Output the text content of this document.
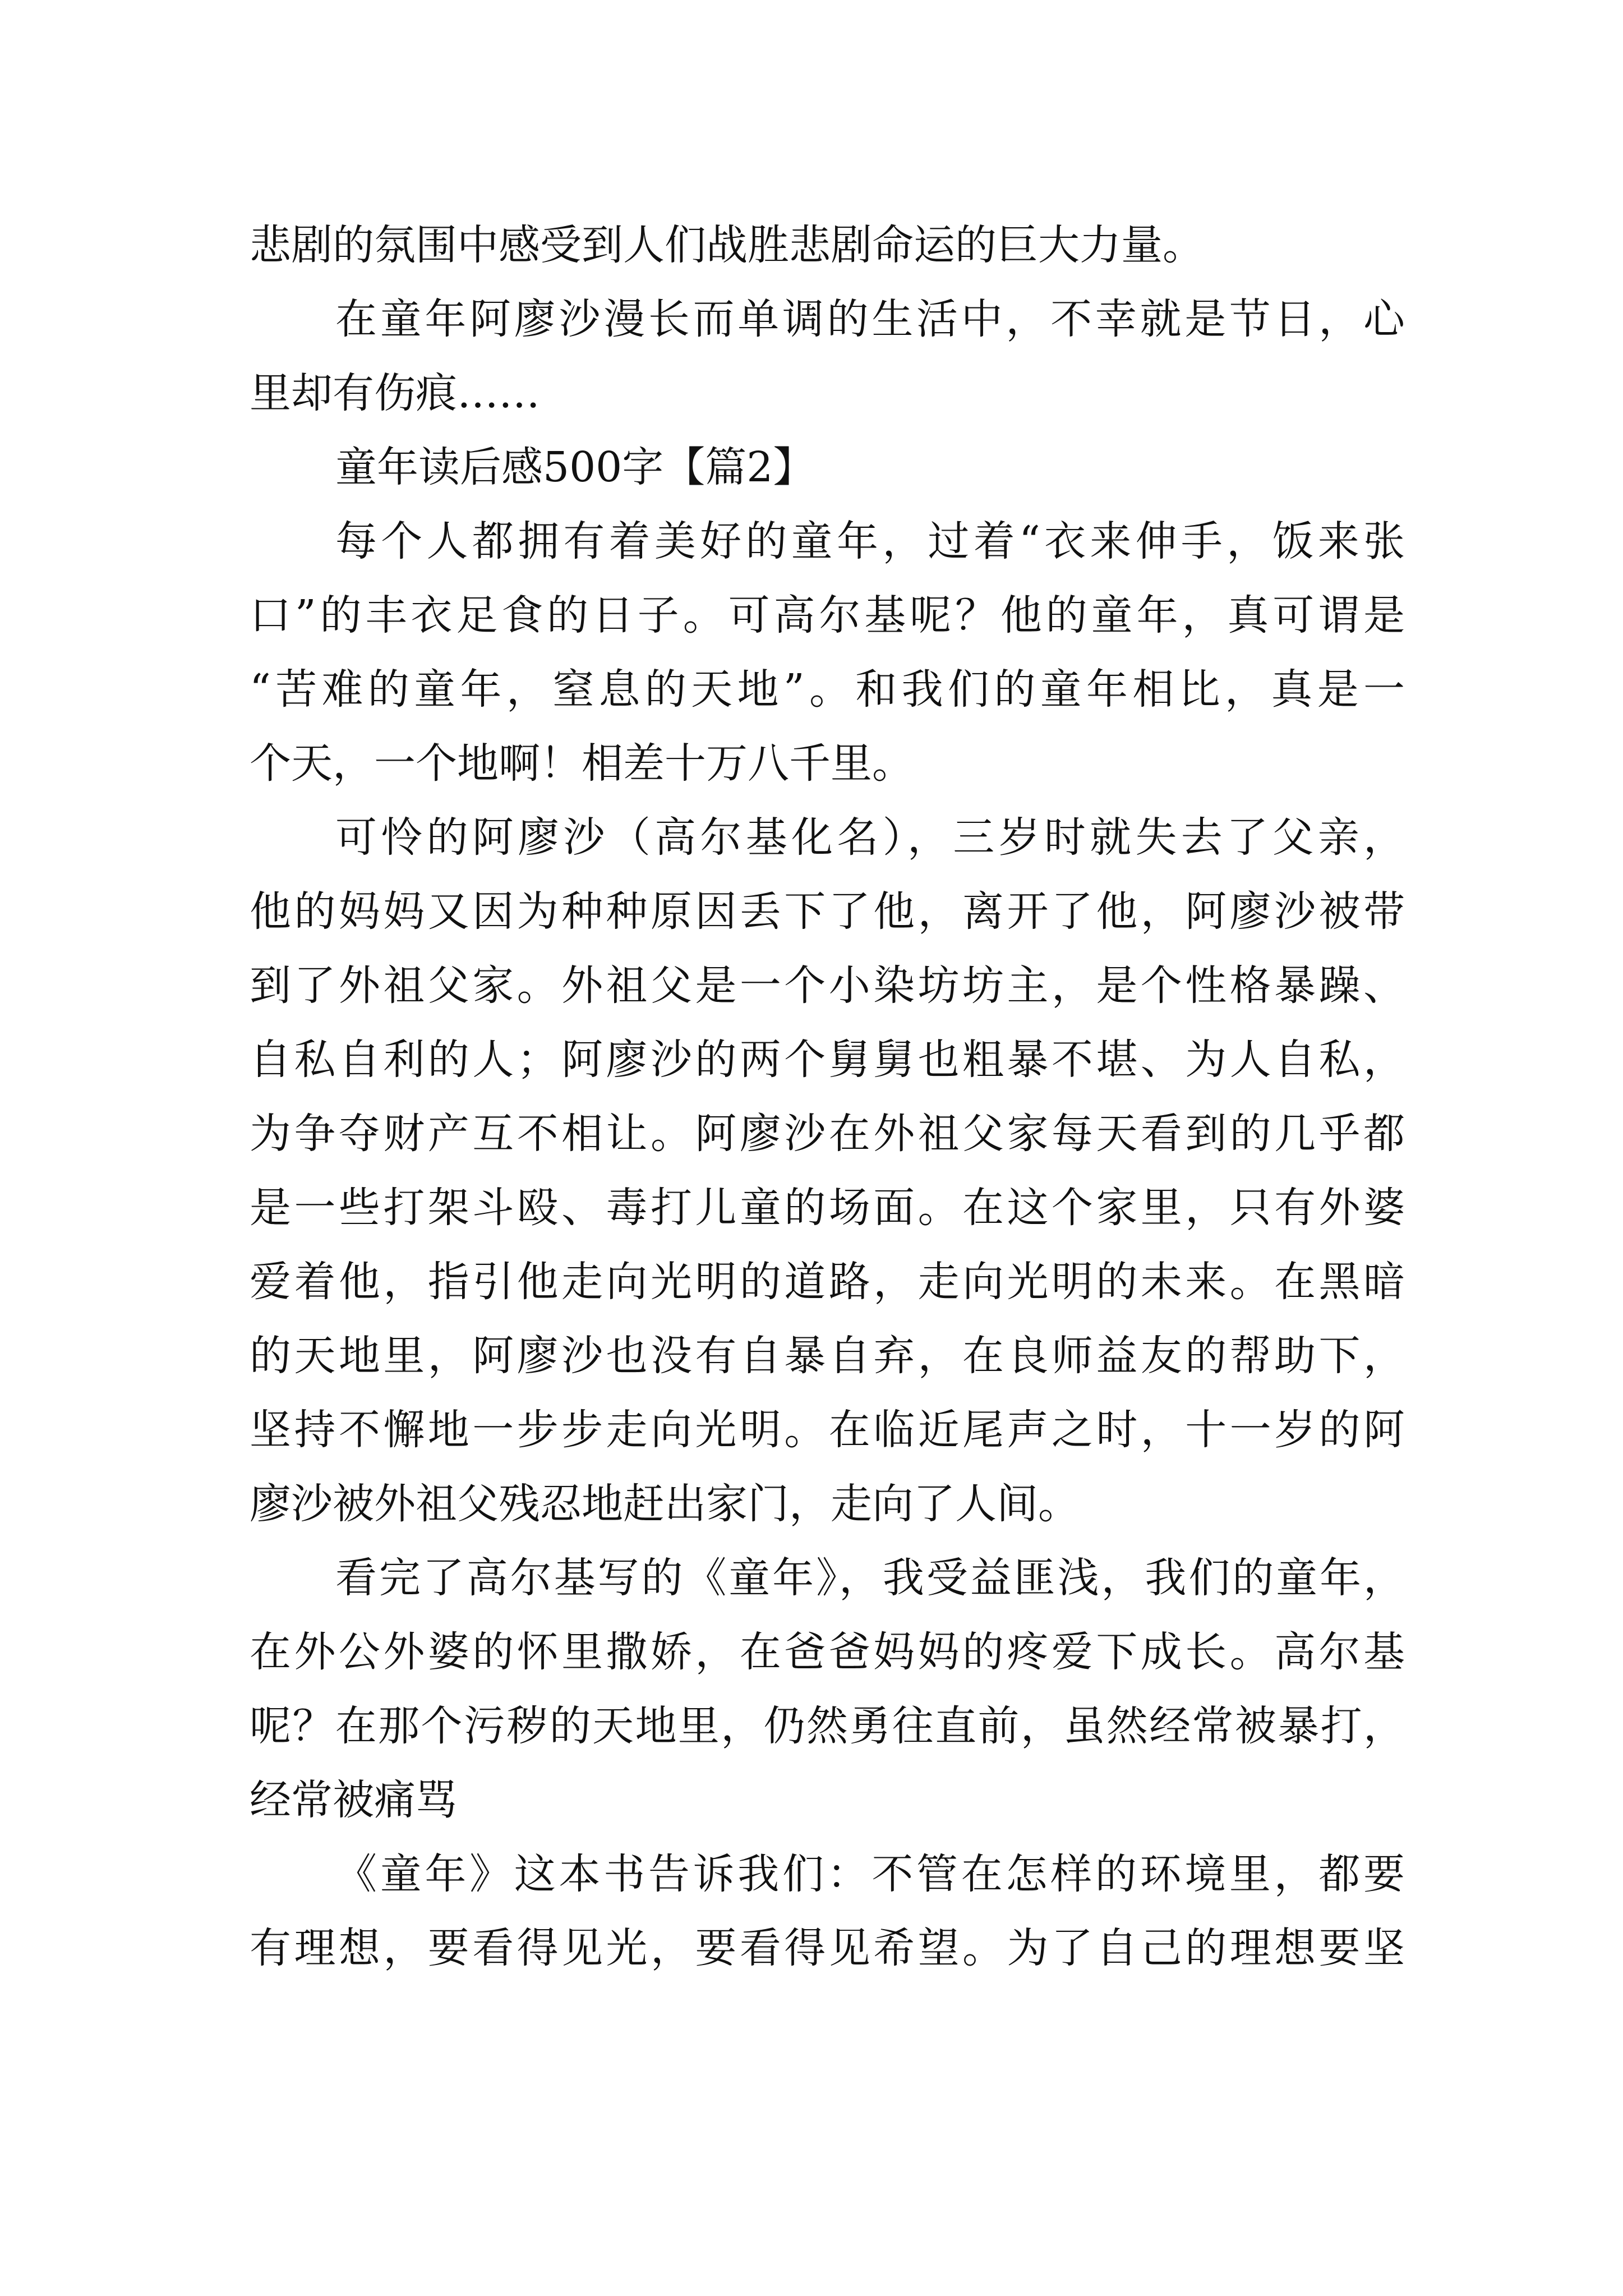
悲剧的氛围中感受到人们战胜悲剧命运的巨大力量。
在童年阿廖沙漫长而单调的生活中，不幸就是节日，心
里却有伤痕……
童年读后感500字【篇2】
每个人都拥有着美好的童年，过着“衣来伸手，饭来张
口”的丰衣足食的日子。可高尔基呢？他的童年，真可谓是
“苦难的童年，窒息的天地”。和我们的童年相比，真是一
个天，一个地啊！相差十万八千里。
可怜的阿廖沙（高尔基化名），三岁时就失去了父亲，
他的妈妈又因为种种原因丢下了他，离开了他，阿廖沙被带
到了外祖父家。外祖父是一个小染坊坊主，是个性格暴躁、
自私自利的人；阿廖沙的两个舅舅也粗暴不堪、为人自私，
为争夺财产互不相让。阿廖沙在外祖父家每天看到的几乎都
是一些打架斗殴、毒打儿童的场面。在这个家里，只有外婆
爱着他，指引他走向光明的道路，走向光明的未来。在黑暗
的天地里，阿廖沙也没有自暴自弃，在良师益友的帮助下，
坚持不懈地一步步走向光明。在临近尾声之时，十一岁的阿
廖沙被外祖父残忍地赶出家门，走向了人间。
看完了高尔基写的《童年》，我受益匪浅，我们的童年，
在外公外婆的怀里撒娇，在爸爸妈妈的疼爱下成长。高尔基
呢？在那个污秽的天地里，仍然勇往直前，虽然经常被暴打，
经常被痛骂
《童年》这本书告诉我们：不管在怎样的环境里，都要
有理想，要看得见光，要看得见希望。为了自己的理想要坚
